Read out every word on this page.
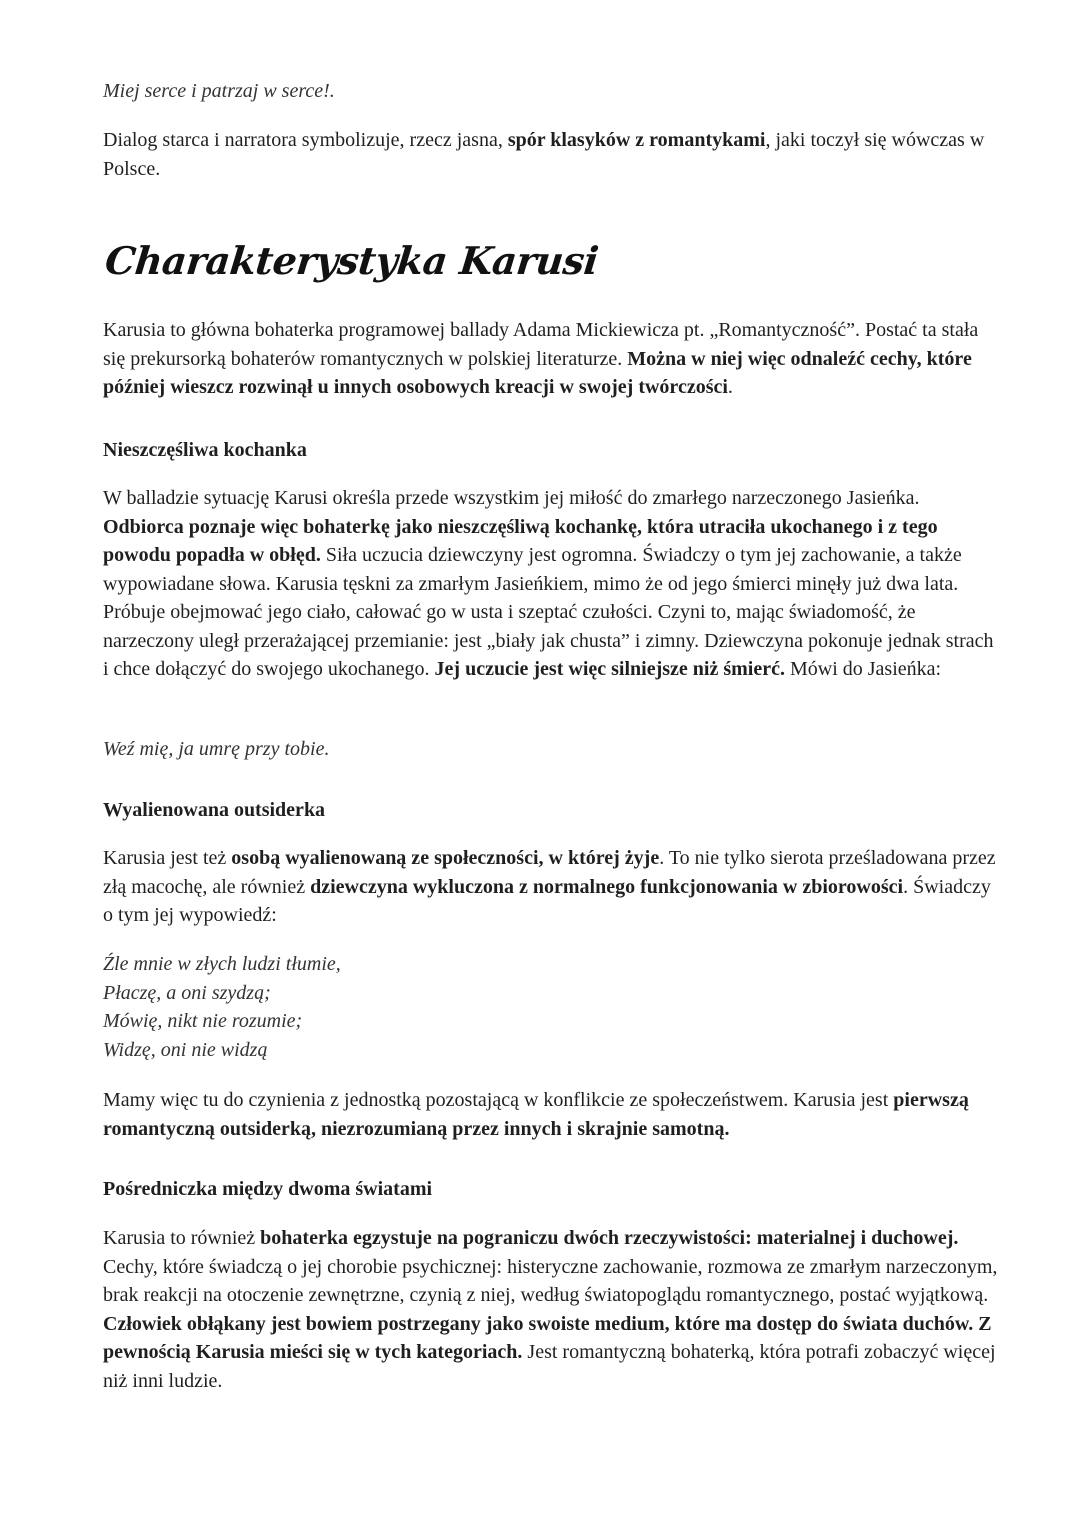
Miej serce i patrzaj w serce!.

Dialog starca i narratora symbolizuje, rzecz jasna, spór klasyków z romantykami, jaki toczył się wówczas w Polsce.

Charakterystyka Karusi

Karusia to główna bohaterka programowej ballady Adama Mickiewicza pt. „Romantyczność”. Postać ta stała się prekursorką bohaterów romantycznych w polskiej literaturze. Można w niej więc odnaleźć cechy, które później wieszcz rozwinął u innych osobowych kreacji w swojej twórczości.

Nieszczęśliwa kochanka

W balladzie sytuację Karusi określa przede wszystkim jej miłość do zmarłego narzeczonego Jasieńka. Odbiorca poznaje więc bohaterkę jako nieszczęśliwą kochankę, która utraciła ukochanego i z tego powodu popadła w obłęd. Siła uczucia dziewczyny jest ogromna. Świadczy o tym jej zachowanie, a także wypowiadane słowa. Karusia tęskni za zmarłym Jasieńkiem, mimo że od jego śmierci minęły już dwa lata. Próbuje obejmować jego ciało, całować go w usta i szeptać czułości. Czyni to, mając świadomość, że narzeczony uległ przerażającej przemianie: jest „biały jak chusta” i zimny. Dziewczyna pokonuje jednak strach i chce dołączyć do swojego ukochanego. Jej uczucie jest więc silniejsze niż śmierć. Mówi do Jasieńka:

Weź mię, ja umrę przy tobie.

Wyalienowana outsiderka

Karusia jest też osobą wyalienowaną ze społeczności, w której żyje. To nie tylko sierota prześladowana przez złą macochę, ale również dziewczyna wykluczona z normalnego funkcjonowania w zbiorowości. Świadczy o tym jej wypowiedź:

Źle mnie w złych ludzi tłumie,
Płaczę, a oni szydzą;
Mówię, nikt nie rozumie;
Widzę, oni nie widzą

Mamy więc tu do czynienia z jednostką pozostającą w konflikcie ze społeczeństwem. Karusia jest pierwszą romantyczną outsiderką, niezrozumianą przez innych i skrajnie samotną.

Pośredniczka między dwoma światami

Karusia to również bohaterka egzystuje na pograniczu dwóch rzeczywistości: materialnej i duchowej. Cechy, które świadczą o jej chorobie psychicznej: histeryczne zachowanie, rozmowa ze zmarłym narzeczonym, brak reakcji na otoczenie zewnętrzne, czynią z niej, według światopoglądu romantycznego, postać wyjątkową. Człowiek obłąkany jest bowiem postrzegany jako swoiste medium, które ma dostęp do świata duchów. Z pewnością Karusia mieści się w tych kategoriach. Jest romantyczną bohaterką, która potrafi zobaczyć więcej niż inni ludzie.
